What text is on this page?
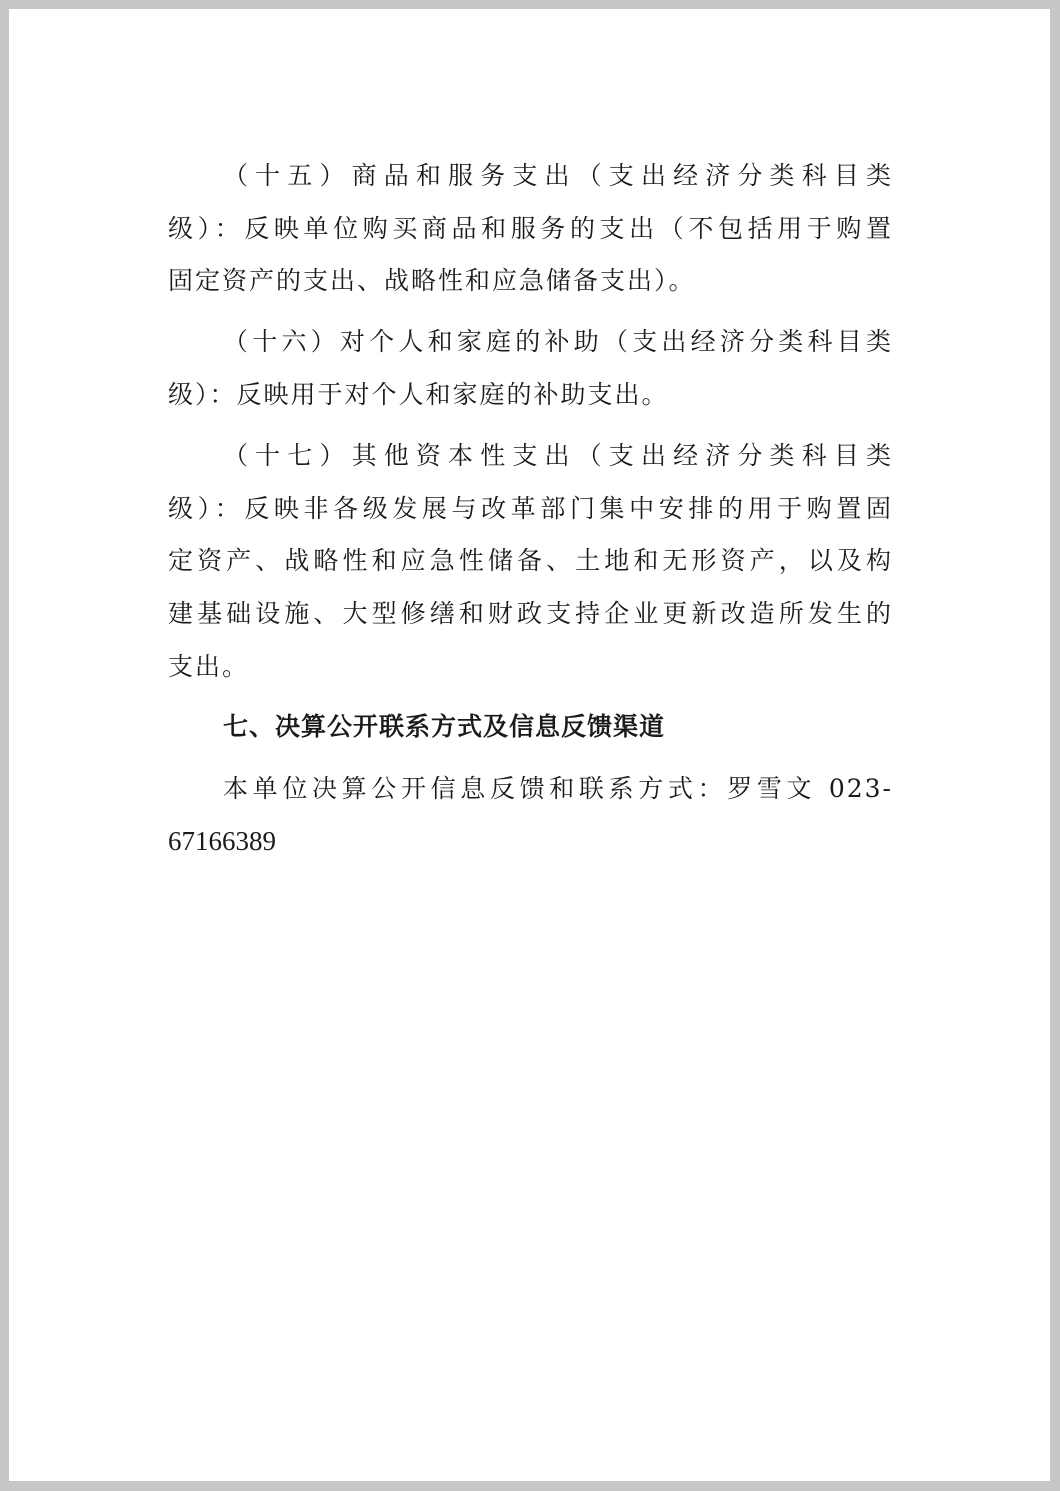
（十五）商品和服务支出（支出经济分类科目类
级）：反映单位购买商品和服务的支出（不包括用于购置
固定资产的支出、战略性和应急储备支出）。
（十六）对个人和家庭的补助（支出经济分类科目类
级）：反映用于对个人和家庭的补助支出。
（十七）其他资本性支出（支出经济分类科目类
级）：反映非各级发展与改革部门集中安排的用于购置固
定资产、战略性和应急性储备、土地和无形资产，以及构
建基础设施、大型修缮和财政支持企业更新改造所发生的
支出。
七、决算公开联系方式及信息反馈渠道
本单位决算公开信息反馈和联系方式：罗雪文 023-
67166389
